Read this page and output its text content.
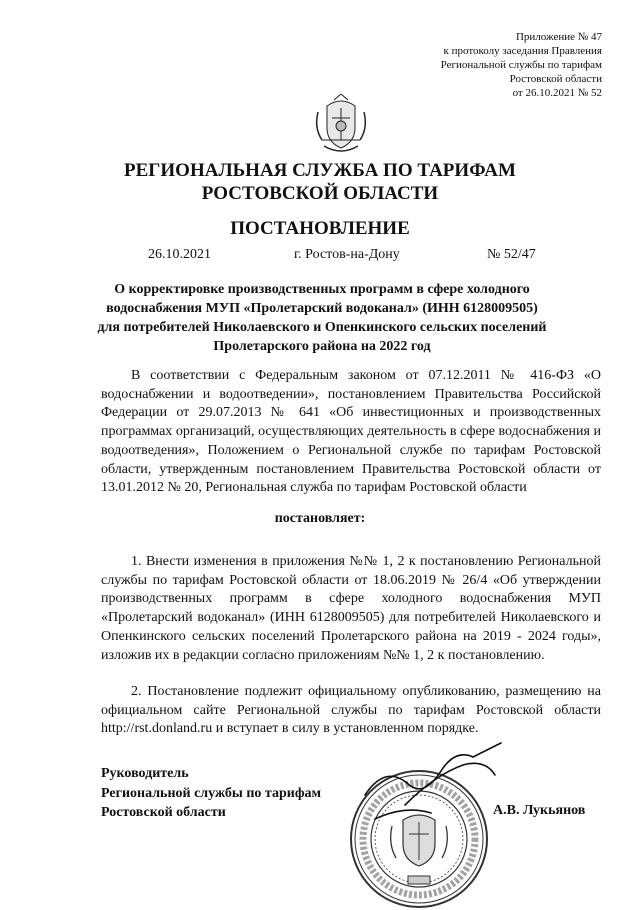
Приложение № 47
к протоколу заседания Правления
Региональной службы по тарифам
Ростовской области
от 26.10.2021 № 52
РЕГИОНАЛЬНАЯ СЛУЖБА ПО ТАРИФАМ
РОСТОВСКОЙ ОБЛАСТИ
ПОСТАНОВЛЕНИЕ
26.10.2021	г. Ростов-на-Дону	№ 52/47
О корректировке производственных программ в сфере холодного
водоснабжения МУП «Пролетарский водоканал» (ИНН 6128009505)
для потребителей Николаевского и Опенкинского сельских поселений
Пролетарского района на 2022 год
В соответствии с Федеральным законом от 07.12.2011 № 416-ФЗ «О водоснабжении и водоотведении», постановлением Правительства Российской Федерации от 29.07.2013 № 641 «Об инвестиционных и производственных программах организаций, осуществляющих деятельность в сфере водоснабжения и водоотведения», Положением о Региональной службе по тарифам Ростовской области, утвержденным постановлением Правительства Ростовской области от 13.01.2012 № 20, Региональная служба по тарифам Ростовской области
постановляет:
1. Внести изменения в приложения №№ 1, 2 к постановлению Региональной службы по тарифам Ростовской области от 18.06.2019 № 26/4 «Об утверждении производственных программ в сфере холодного водоснабжения МУП «Пролетарский водоканал» (ИНН 6128009505) для потребителей Николаевского и Опенкинского сельских поселений Пролетарского района на 2019 - 2024 годы», изложив их в редакции согласно приложениям №№ 1, 2 к постановлению.
2. Постановление подлежит официальному опубликованию, размещению на официальном сайте Региональной службы по тарифам Ростовской области http://rst.donland.ru и вступает в силу в установленном порядке.
Руководитель
Региональной службы по тарифам
Ростовской области	А.В. Лукьянов
